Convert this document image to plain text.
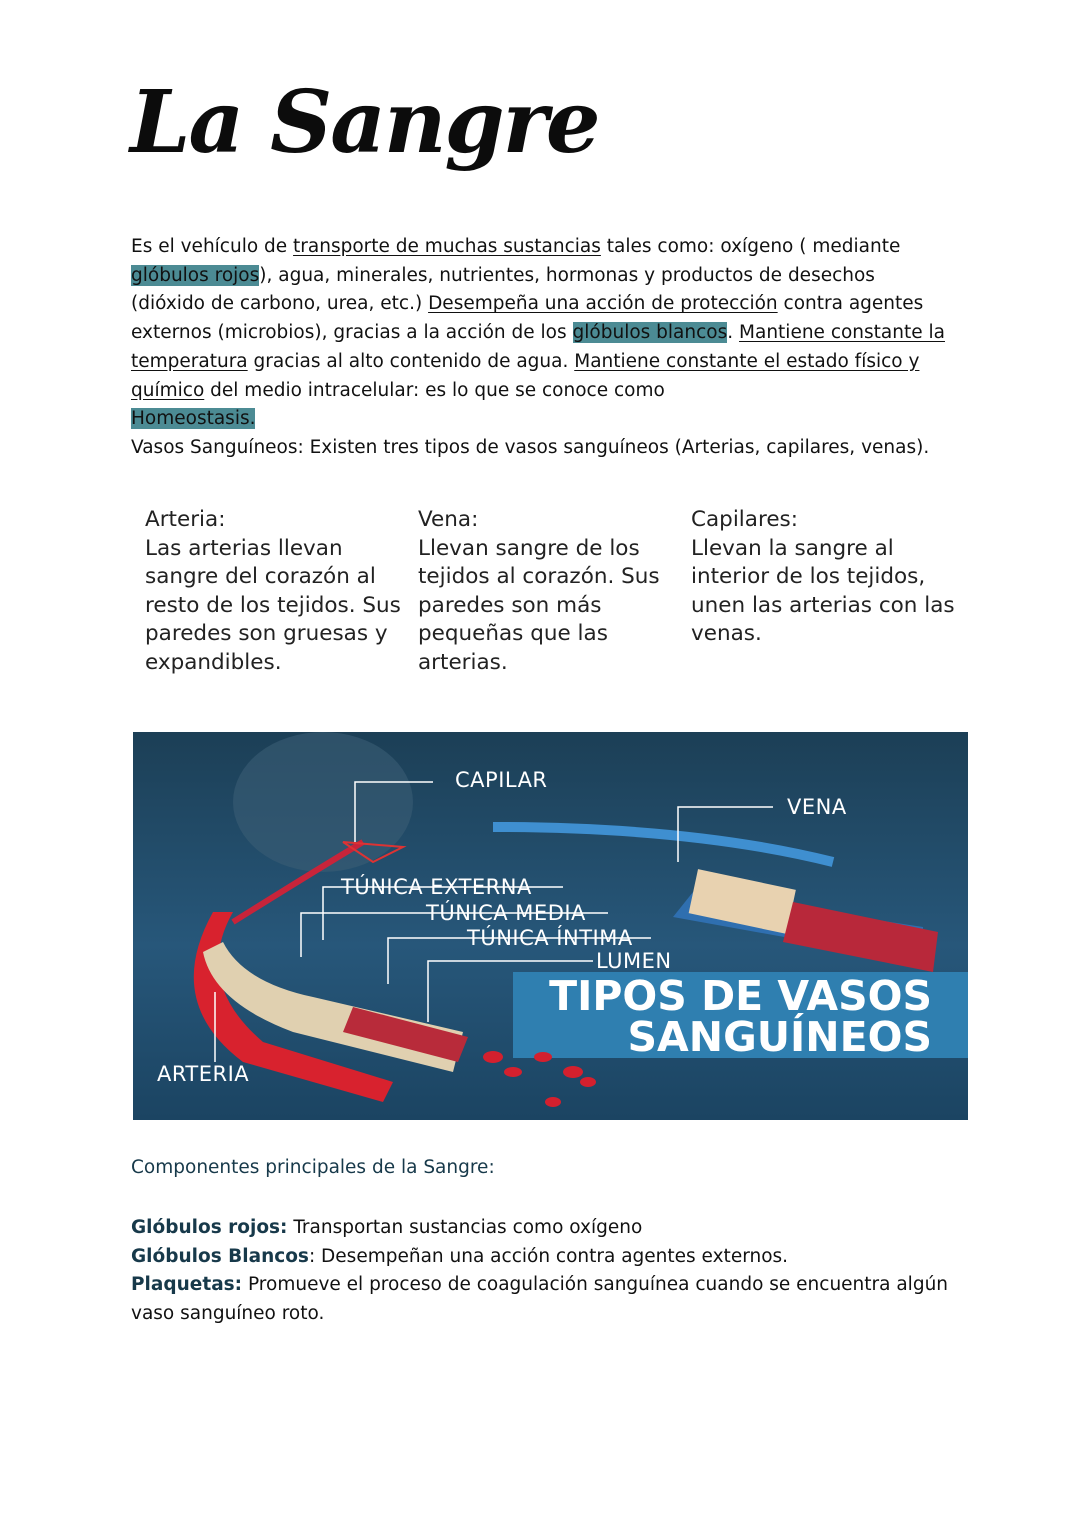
La Sangre

Es el vehículo de transporte de muchas sustancias tales como: oxígeno ( mediante glóbulos rojos), agua, minerales, nutrientes, hormonas y productos de desechos (dióxido de carbono, urea, etc.) Desempeña una acción de protección contra agentes externos (microbios), gracias a la acción de los glóbulos blancos. Mantiene constante la temperatura gracias al alto contenido de agua. Mantiene constante el estado físico y químico del medio intracelular: es lo que se conoce como
Homeostasis.
Vasos Sanguíneos: Existen tres tipos de vasos sanguíneos (Arterias, capilares, venas).

Arteria:
Las arterias llevan sangre del corazón al resto de los tejidos. Sus paredes son gruesas y expandibles.
Vena:
Llevan sangre de los tejidos al corazón. Sus paredes son más pequeñas que las arterias.
Capilares:
Llevan la sangre al interior de los tejidos, unen las arterias con las venas.
CAPILAR
VENA
TÚNICA EXTERNA
TÚNICA MEDIA
TÚNICA ÍNTIMA
LUMEN
ARTERIA
TIPOS DE VASOS
SANGUÍNEOS
Componentes principales de la Sangre:
Glóbulos rojos: Transportan sustancias como oxígeno
Glóbulos Blancos: Desempeñan una acción contra agentes externos.
Plaquetas: Promueve el proceso de coagulación sanguínea cuando se encuentra algún vaso sanguíneo roto.
